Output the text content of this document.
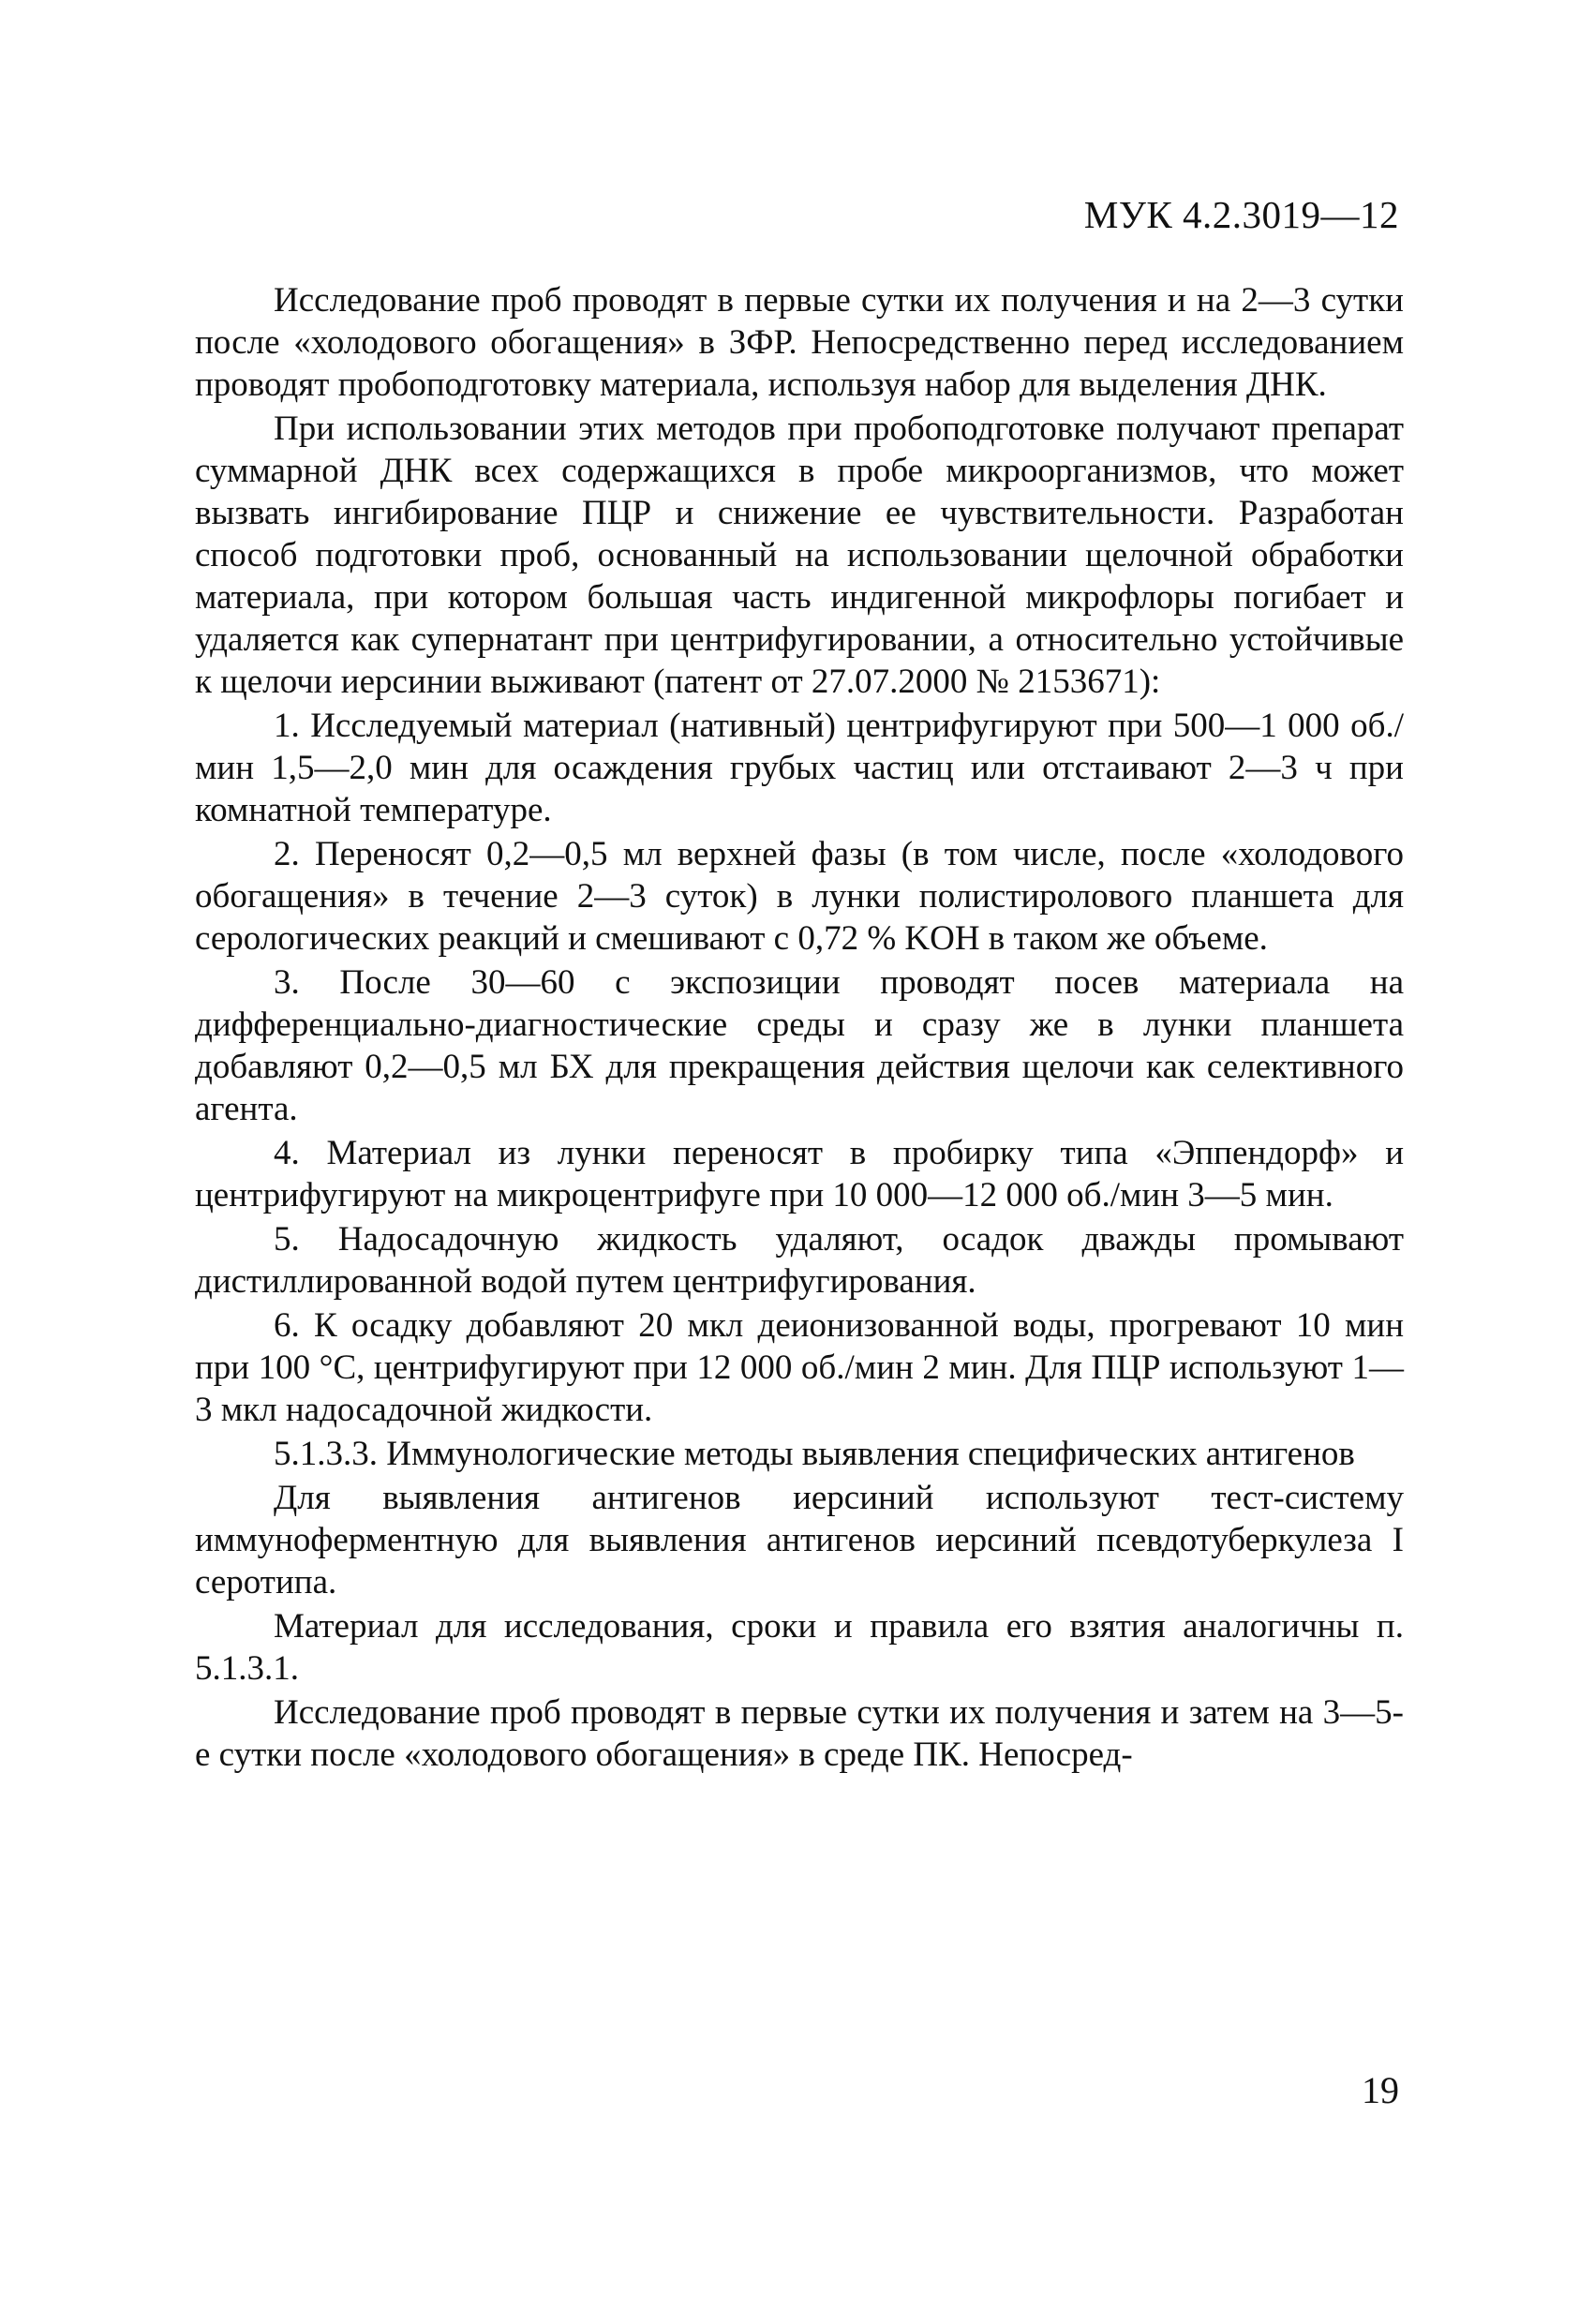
МУК 4.2.3019—12

Исследование проб проводят в первые сутки их получения и на 2—3 сутки после «холодового обогащения» в ЗФР. Непосредственно перед исследованием проводят пробоподготовку материала, используя набор для выделения ДНК.

При использовании этих методов при пробоподготовке получают препарат суммарной ДНК всех содержащихся в пробе микроорганизмов, что может вызвать ингибирование ПЦР и снижение ее чувствительности. Разработан способ подготовки проб, основанный на использовании щелочной обработки материала, при котором большая часть индигенной микрофлоры погибает и удаляется как супернатант при центрифугировании, а относительно устойчивые к щелочи иерсинии выживают (патент от 27.07.2000 № 2153671):

1. Исследуемый материал (нативный) центрифугируют при 500—1 000 об./мин 1,5—2,0 мин для осаждения грубых частиц или отстаивают 2—3 ч при комнатной температуре.

2. Переносят 0,2—0,5 мл верхней фазы (в том числе, после «холодового обогащения» в течение 2—3 суток) в лунки полистиролового планшета для серологических реакций и смешивают с 0,72 % KOH в таком же объеме.

3. После 30—60 с экспозиции проводят посев материала на дифференциально-диагностические среды и сразу же в лунки планшета добавляют 0,2—0,5 мл БХ для прекращения действия щелочи как селективного агента.

4. Материал из лунки переносят в пробирку типа «Эппендорф» и центрифугируют на микроцентрифуге при 10 000—12 000 об./мин 3—5 мин.

5. Надосадочную жидкость удаляют, осадок дважды промывают дистиллированной водой путем центрифугирования.

6. К осадку добавляют 20 мкл деионизованной воды, прогревают 10 мин при 100 °C, центрифугируют при 12 000 об./мин 2 мин. Для ПЦР используют 1—3 мкл надосадочной жидкости.

5.1.3.3. Иммунологические методы выявления специфических антигенов

Для выявления антигенов иерсиний используют тест-систему иммуноферментную для выявления антигенов иерсиний псевдотуберкулеза I серотипа.

Материал для исследования, сроки и правила его взятия аналогичны п. 5.1.3.1.

Исследование проб проводят в первые сутки их получения и затем на 3—5-е сутки после «холодового обогащения» в среде ПК. Непосред-

19
